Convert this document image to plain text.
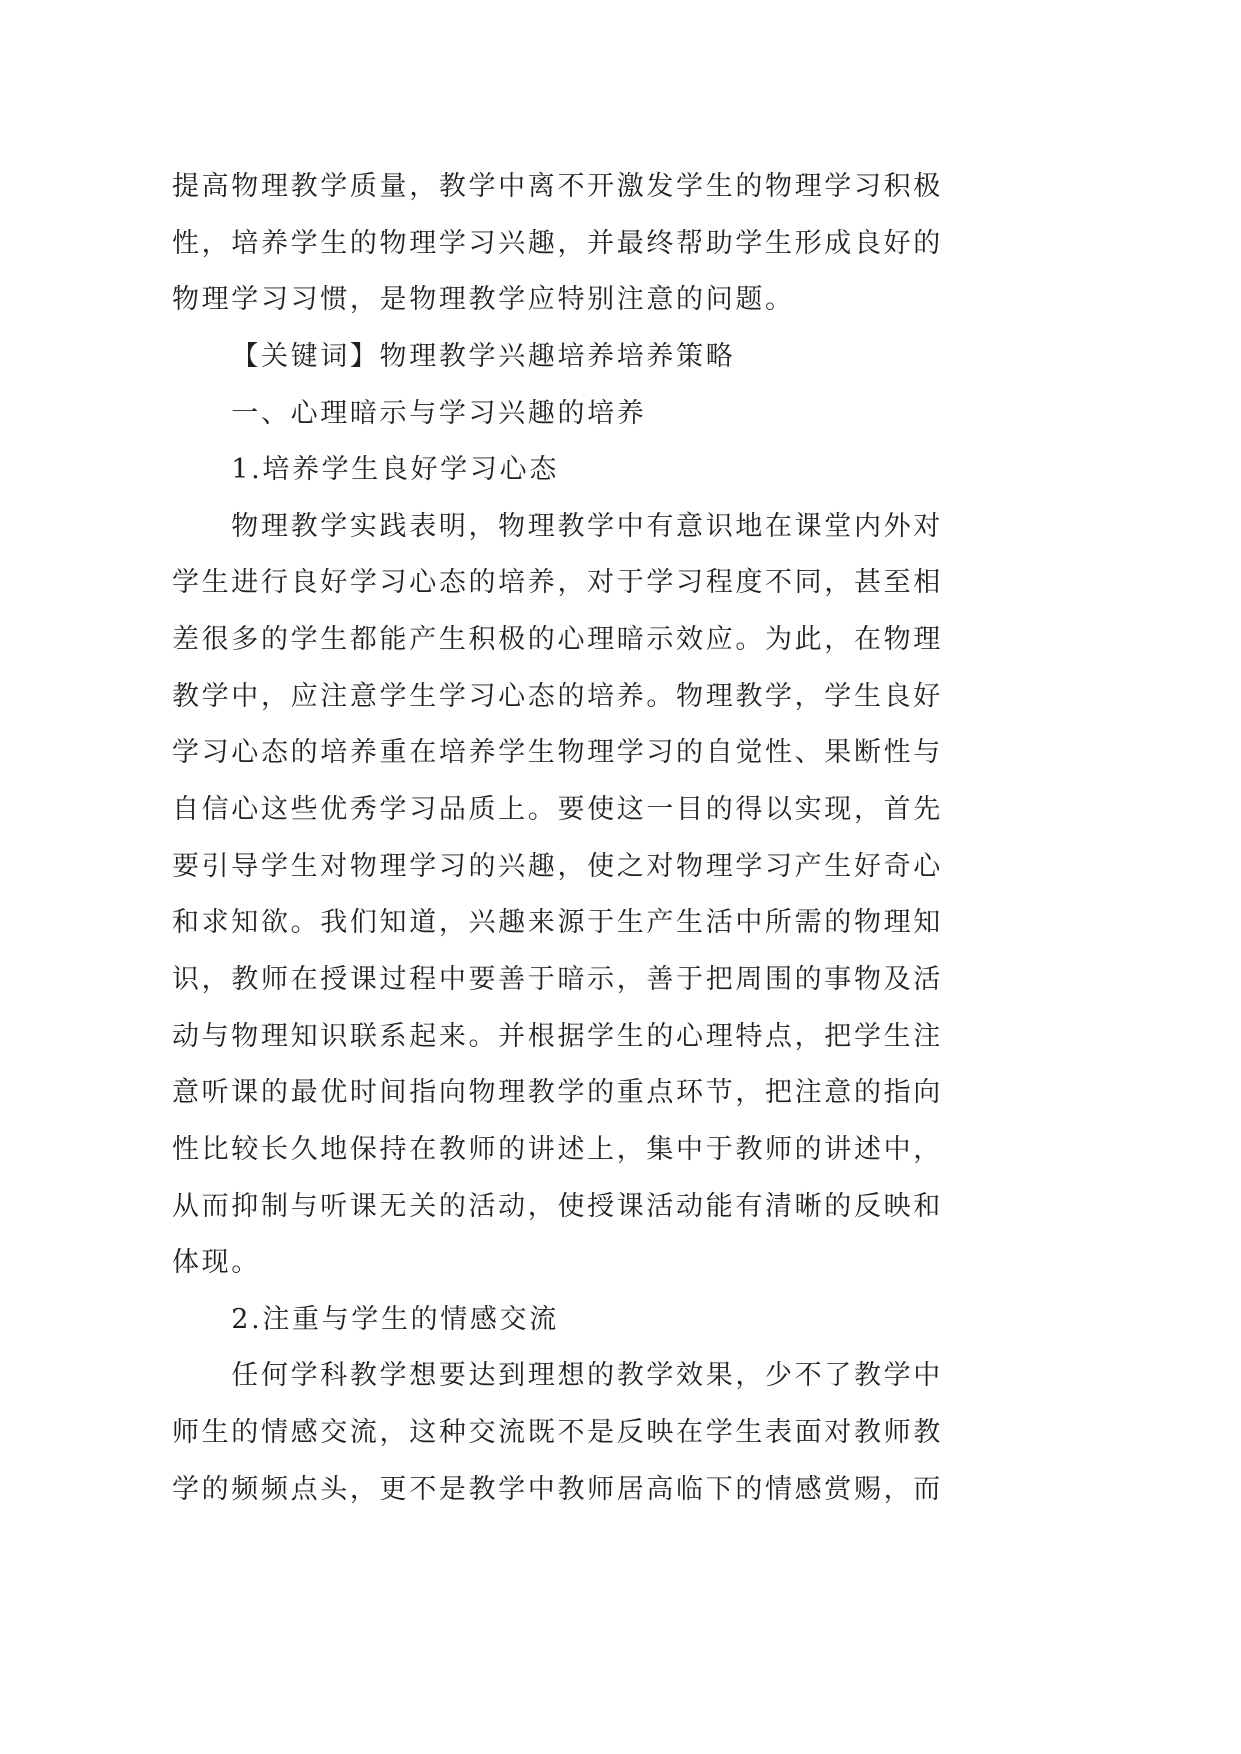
提高物理教学质量，教学中离不开激发学生的物理学习积极
性，培养学生的物理学习兴趣，并最终帮助学生形成良好的
物理学习习惯，是物理教学应特别注意的问题。
【关键词】物理教学兴趣培养培养策略
一、心理暗示与学习兴趣的培养
1.培养学生良好学习心态
物理教学实践表明，物理教学中有意识地在课堂内外对
学生进行良好学习心态的培养，对于学习程度不同，甚至相
差很多的学生都能产生积极的心理暗示效应。为此，在物理
教学中，应注意学生学习心态的培养。物理教学，学生良好
学习心态的培养重在培养学生物理学习的自觉性、果断性与
自信心这些优秀学习品质上。要使这一目的得以实现，首先
要引导学生对物理学习的兴趣，使之对物理学习产生好奇心
和求知欲。我们知道，兴趣来源于生产生活中所需的物理知
识，教师在授课过程中要善于暗示，善于把周围的事物及活
动与物理知识联系起来。并根据学生的心理特点，把学生注
意听课的最优时间指向物理教学的重点环节，把注意的指向
性比较长久地保持在教师的讲述上，集中于教师的讲述中，
从而抑制与听课无关的活动，使授课活动能有清晰的反映和
体现。
2.注重与学生的情感交流
任何学科教学想要达到理想的教学效果，少不了教学中
师生的情感交流，这种交流既不是反映在学生表面对教师教
学的频频点头，更不是教学中教师居高临下的情感赏赐，而
